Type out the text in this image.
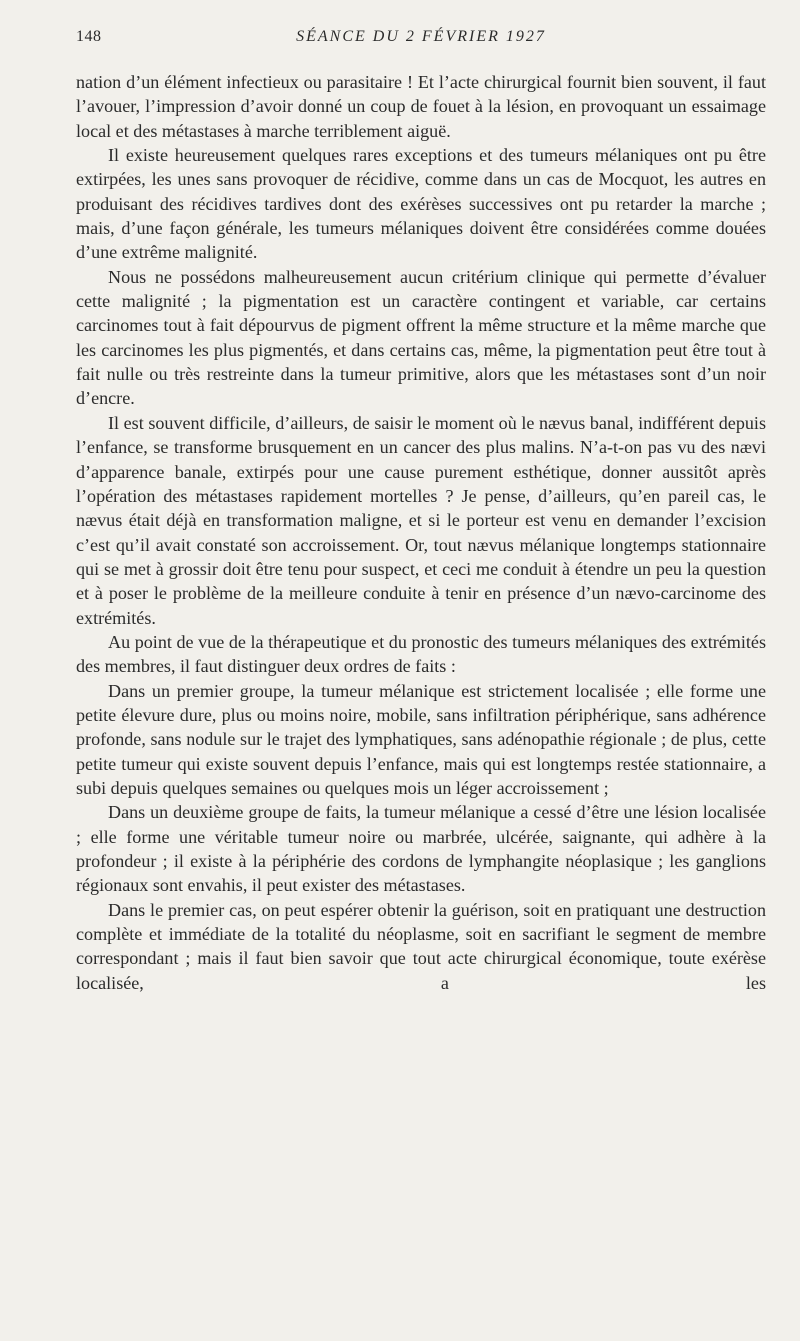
148	SÉANCE DU 2 FÉVRIER 1927

nation d’un élément infectieux ou parasitaire ! Et l’acte chirurgical fournit bien souvent, il faut l’avouer, l’impression d’avoir donné un coup de fouet à la lésion, en provoquant un essaimage local et des métastases à marche terriblement aiguë.

Il existe heureusement quelques rares exceptions et des tumeurs mélaniques ont pu être extirpées, les unes sans provoquer de récidive, comme dans un cas de Mocquot, les autres en produisant des récidives tardives dont des exérèses successives ont pu retarder la marche ; mais, d’une façon générale, les tumeurs mélaniques doivent être considérées comme douées d’une extrême malignité.

Nous ne possédons malheureusement aucun critérium clinique qui permette d’évaluer cette malignité ; la pigmentation est un caractère contingent et variable, car certains carcinomes tout à fait dépourvus de pigment offrent la même structure et la même marche que les carcinomes les plus pigmentés, et dans certains cas, même, la pigmentation peut être tout à fait nulle ou très restreinte dans la tumeur primitive, alors que les métastases sont d’un noir d’encre.

Il est souvent difficile, d’ailleurs, de saisir le moment où le nævus banal, indifférent depuis l’enfance, se transforme brusquement en un cancer des plus malins. N’a-t-on pas vu des nævi d’apparence banale, extirpés pour une cause purement esthétique, donner aussitôt après l’opération des métastases rapidement mortelles ? Je pense, d’ailleurs, qu’en pareil cas, le nævus était déjà en transformation maligne, et si le porteur est venu en demander l’excision c’est qu’il avait constaté son accroissement. Or, tout nævus mélanique longtemps stationnaire qui se met à grossir doit être tenu pour suspect, et ceci me conduit à étendre un peu la question et à poser le problème de la meilleure conduite à tenir en présence d’un nævo-carcinome des extrémités.

Au point de vue de la thérapeutique et du pronostic des tumeurs mélaniques des extrémités des membres, il faut distinguer deux ordres de faits :

Dans un premier groupe, la tumeur mélanique est strictement localisée ; elle forme une petite élevure dure, plus ou moins noire, mobile, sans infiltration périphérique, sans adhérence profonde, sans nodule sur le trajet des lymphatiques, sans adénopathie régionale ; de plus, cette petite tumeur qui existe souvent depuis l’enfance, mais qui est longtemps restée stationnaire, a subi depuis quelques semaines ou quelques mois un léger accroissement ;

Dans un deuxième groupe de faits, la tumeur mélanique a cessé d’être une lésion localisée ; elle forme une véritable tumeur noire ou marbrée, ulcérée, saignante, qui adhère à la profondeur ; il existe à la périphérie des cordons de lymphangite néoplasique ; les ganglions régionaux sont envahis, il peut exister des métastases.

Dans le premier cas, on peut espérer obtenir la guérison, soit en pratiquant une destruction complète et immédiate de la totalité du néoplasme, soit en sacrifiant le segment de membre correspondant ; mais il faut bien savoir que tout acte chirurgical économique, toute exérèse localisée, a les
